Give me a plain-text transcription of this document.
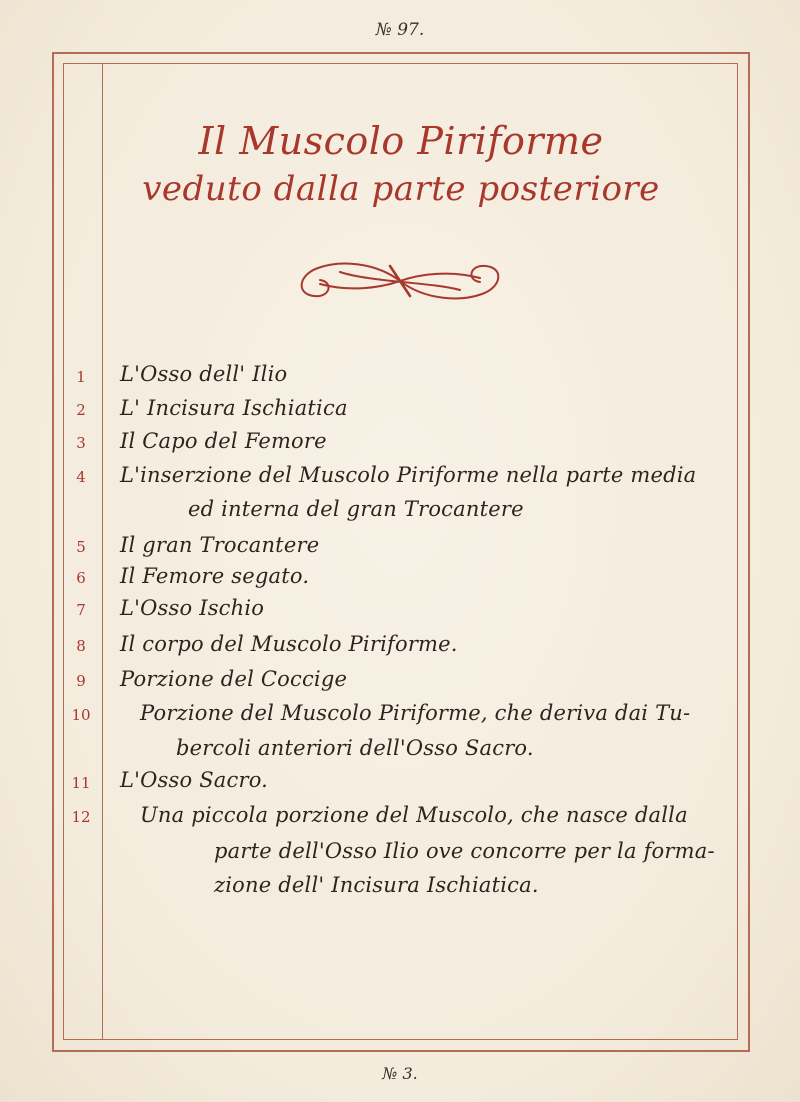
№ 97.
Il Muscolo Piriforme
veduto dalla parte posteriore
1	L'Osso dell' Ilio
2	L' Incisura Ischiatica
3	Il Capo del Femore
4	L'inserzione del Muscolo Piriforme nella parte media
ed interna del gran Trocantere
5	Il gran Trocantere
6	Il Femore segato.
7	L'Osso Ischio
8	Il corpo del Muscolo Piriforme.
9	Porzione del Coccige
10	Porzione del Muscolo Piriforme, che deriva dai Tu-
bercoli anteriori dell'Osso Sacro.
11	L'Osso Sacro.
12	Una piccola porzione del Muscolo, che nasce dalla
parte dell'Osso Ilio ove concorre per la forma-
zione dell' Incisura Ischiatica.
№ 3.
